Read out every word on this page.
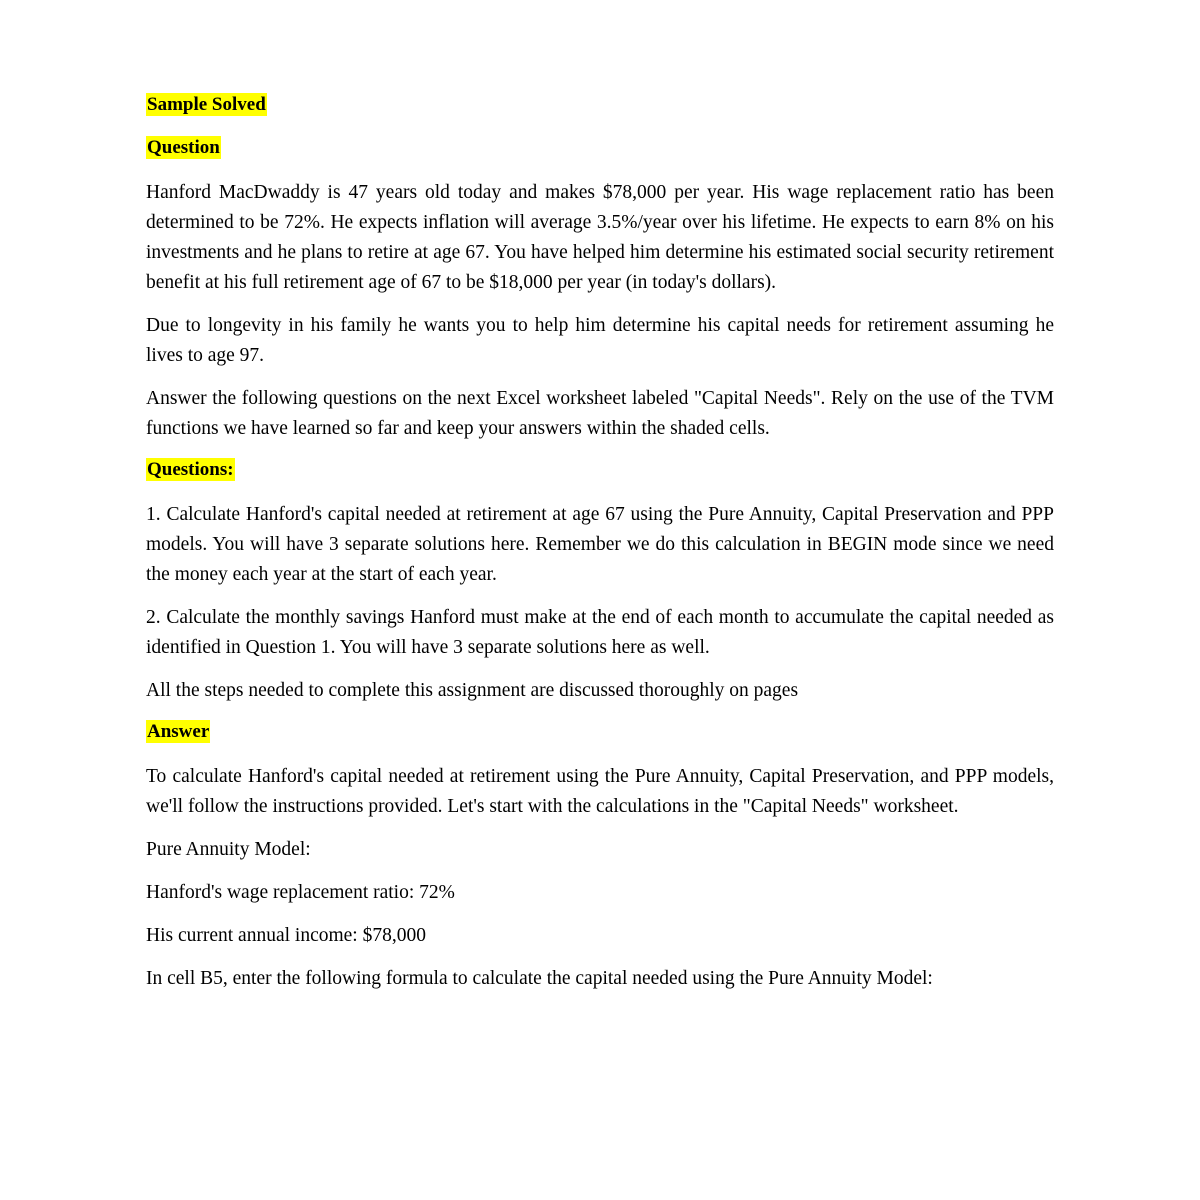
Sample Solved

Question

Hanford MacDwaddy is 47 years old today and makes $78,000 per year. His wage replacement ratio has been determined to be 72%. He expects inflation will average 3.5%/year over his lifetime. He expects to earn 8% on his investments and he plans to retire at age 67. You have helped him determine his estimated social security retirement benefit at his full retirement age of 67 to be $18,000 per year (in today's dollars).

Due to longevity in his family he wants you to help him determine his capital needs for retirement assuming he lives to age 97.

Answer the following questions on the next Excel worksheet labeled "Capital Needs". Rely on the use of the TVM functions we have learned so far and keep your answers within the shaded cells.

Questions:

1. Calculate Hanford's capital needed at retirement at age 67 using the Pure Annuity, Capital Preservation and PPP models. You will have 3 separate solutions here. Remember we do this calculation in BEGIN mode since we need the money each year at the start of each year.

2. Calculate the monthly savings Hanford must make at the end of each month to accumulate the capital needed as identified in Question 1. You will have 3 separate solutions here as well.

All the steps needed to complete this assignment are discussed thoroughly on pages

Answer

To calculate Hanford's capital needed at retirement using the Pure Annuity, Capital Preservation, and PPP models, we'll follow the instructions provided. Let's start with the calculations in the "Capital Needs" worksheet.

Pure Annuity Model:

Hanford's wage replacement ratio: 72%

His current annual income: $78,000

In cell B5, enter the following formula to calculate the capital needed using the Pure Annuity Model:
